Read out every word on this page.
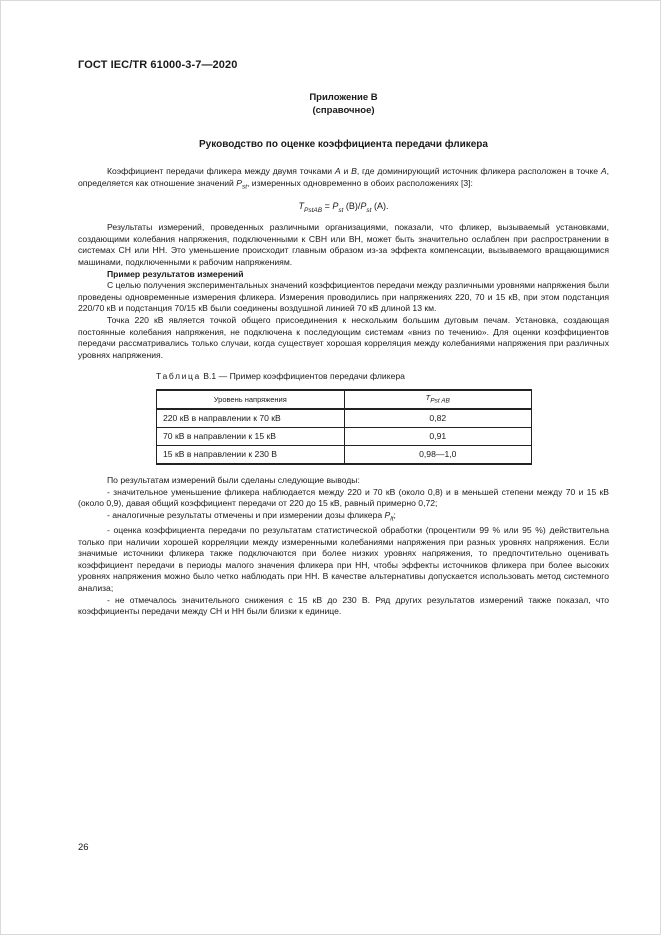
ГОСТ IEC/TR 61000-3-7—2020
Приложение B
(справочное)
Руководство по оценке коэффициента передачи фликера

Коэффициент передачи фликера между двумя точками A и B, где доминирующий источник фликера расположен в точке A, определяется как отношение значений $P_{st}$, измеренных одновременно в обоих расположениях [3]:

$T_{PstAB} = P_{st}$ $(B)/P_{st}$ (A).

Результаты измерений, проведенных различными организациями, показали, что фликер, вызываемый установками, создающими колебания напряжения, подключенными к СВН или ВН, может быть значительно ослаблен при распространении в системах СН или НН. Это уменьшение происходит главным образом из-за эффекта компенсации, вызываемого вращающимися машинами, подключенными к рабочим напряжениям.

Пример результатов измерений

С целью получения экспериментальных значений коэффициентов передачи между различными уровнями напряжения были проведены одновременные измерения фликера. Измерения проводились при напряжениях 220, 70 и 15 кВ, при этом подстанция 220/70 кВ и подстанция 70/15 кВ были соединены воздушной линией 70 кВ длиной 13 км.

Точка 220 кВ является точкой общего присоединения к нескольким большим дуговым печам. Установка, создающая постоянные колебания напряжения, не подключена к последующим системам «вниз по течению». Для оценки коэффициентов передачи рассматривались только случаи, когда существует хорошая корреляция между колебаниями напряжения при различных уровнях напряжения.

Таблица B.1 — Пример коэффициентов передачи фликера
Уровень напряжения	$T_{Pst AB}$
220 кВ в направлении к 70 кВ	0,82
70 кВ в направлении к 15 кВ	0,91
15 кВ в направлении к 230 В	0,98—1,0

По результатам измерений были сделаны следующие выводы:

- значительное уменьшение фликера наблюдается между 220 и 70 кВ (около 0,8) и в меньшей степени между 70 и 15 кВ (около 0,9), давая общий коэффициент передачи от 220 до 15 кВ, равный примерно 0,72;

- аналогичные результаты отмечены и при измерении дозы фликера $P_{lt}$;

- оценка коэффициента передачи по результатам статистической обработки (процентили 99 % или 95 %) действительна только при наличии хорошей корреляции между измеренными колебаниями напряжения при разных уровнях напряжения. Если значимые источники фликера также подключаются при более низких уровнях напряжения, то предпочтительно оценивать коэффициент передачи в периоды малого значения фликера при НН, чтобы эффекты источников фликера при более высоких уровнях напряжения можно было четко наблюдать при НН. В качестве альтернативы допускается использовать метод системного анализа;

- не отмечалось значительного снижения с 15 кВ до 230 В. Ряд других результатов измерений также показал, что коэффициенты передачи между СН и НН были близки к единице.

26
